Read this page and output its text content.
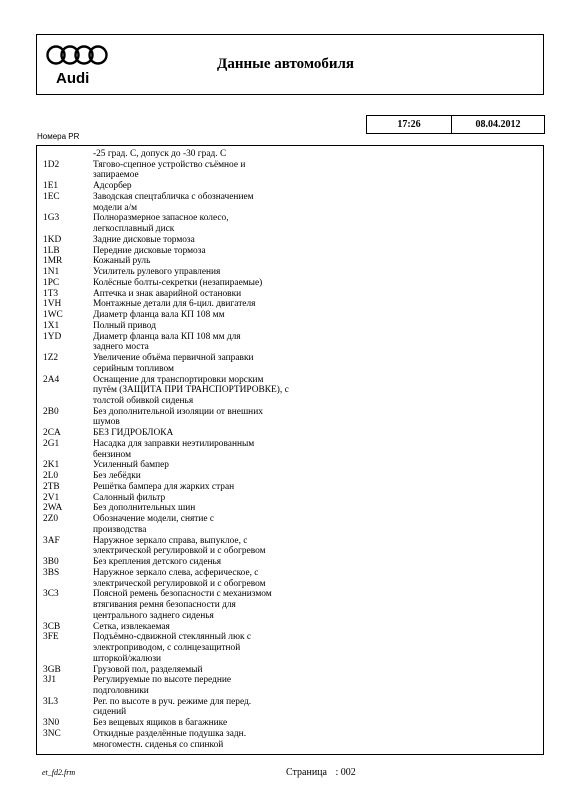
Audi
Данные автомобиля
17:26	08.04.2012
Номера PR
-25 град. С, допуск до -30 град. С
1D2	Тягово-сцепное устройство съёмное и
запираемое
1E1	Адсорбер
1EC	Заводская спецтабличка с обозначением
модели а/м
1G3	Полноразмерное запасное колесо,
легкосплавный диск
1KD	Задние дисковые тормоза
1LB	Передние дисковые тормоза
1MR	Кожаный руль
1N1	Усилитель рулевого управления
1PC	Колёсные болты-секретки (незапираемые)
1T3	Аптечка и знак аварийной остановки
1VH	Монтажные детали для 6-цил. двигателя
1WC	Диаметр фланца вала КП 108 мм
1X1	Полный привод
1YD	Диаметр фланца вала КП 108 мм для
заднего моста
1Z2	Увеличение объёма первичной заправки
серийным топливом
2A4	Оснащение для транспортировки морским
путём (ЗАЩИТА ПРИ ТРАНСПОРТИРОВКЕ), с
толстой обивкой сиденья
2B0	Без дополнительной изоляции от внешних
шумов
2CA	БЕЗ ГИДРОБЛОКА
2G1	Насадка для заправки неэтилированным
бензином
2K1	Усиленный бампер
2L0	Без лебёдки
2TB	Решётка бампера для жарких стран
2V1	Салонный фильтр
2WA	Без дополнительных шин
2Z0	Обозначение модели, снятие с
производства
3AF	Наружное зеркало справа, выпуклое, с
электрической регулировкой и с обогревом
3B0	Без крепления детского сиденья
3BS	Наружное зеркало слева, асферическое, с
электрической регулировкой и с обогревом
3C3	Поясной ремень безопасности с механизмом
втягивания ремня безопасности для
центрального заднего сиденья
3CB	Сетка, извлекаемая
3FE	Подъёмно-сдвижной стеклянный люк с
электроприводом, с солнцезащитной
шторкой/жалюзи
3GB	Грузовой пол, разделяемый
3J1	Регулируемые по высоте передние
подголовники
3L3	Рег. по высоте в руч. режиме для перед.
сидений
3N0	Без вещевых ящиков в багажнике
3NC	Откидные разделённые подушка задн.
многоместн. сиденья со спинкой
et_fd2.frm	Страница : 002
